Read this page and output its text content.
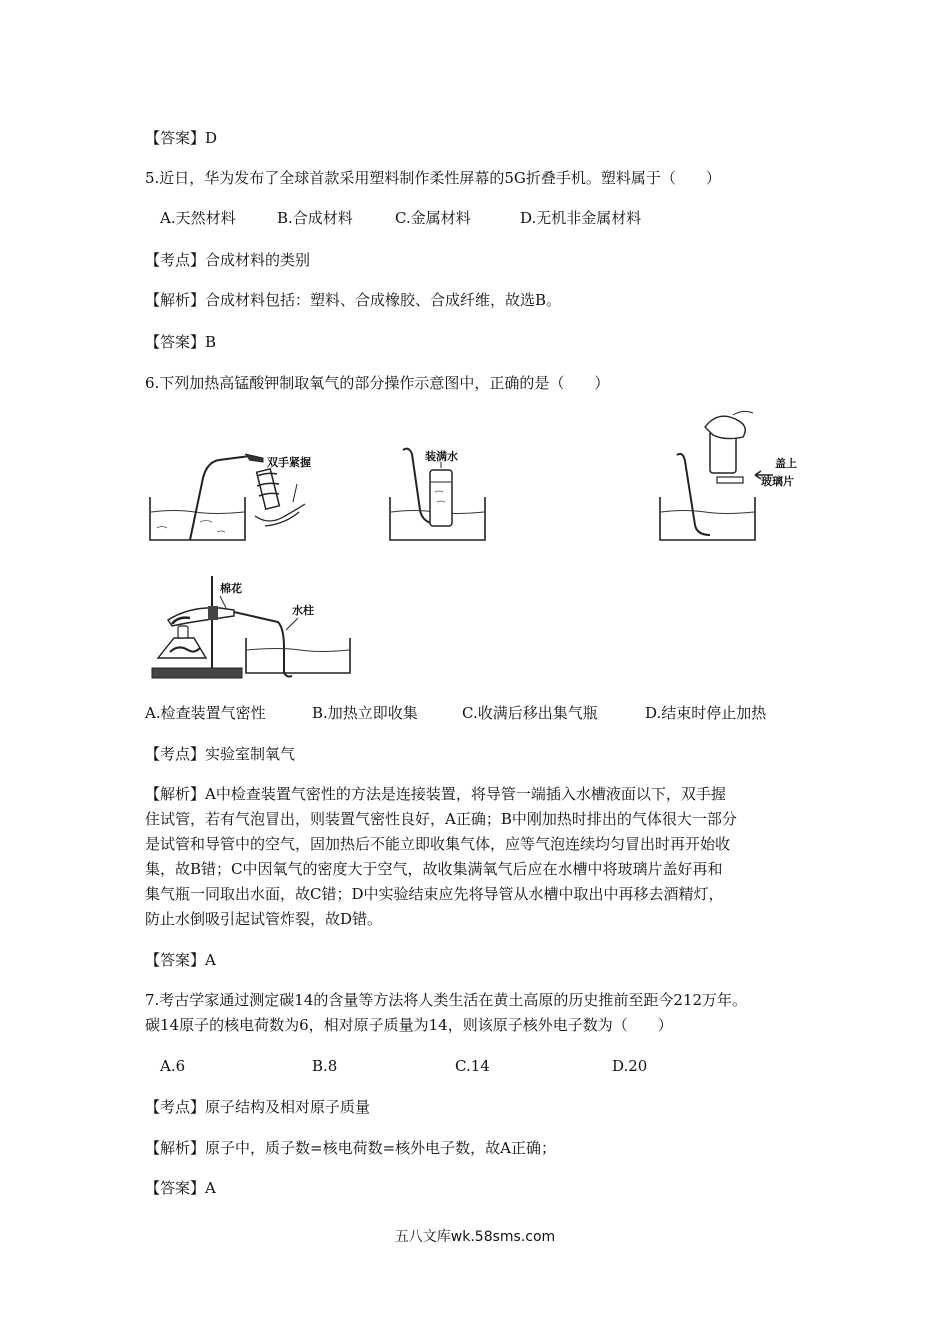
【答案】D
5.近日，华为发布了全球首款采用塑料制作柔性屏幕的5G折叠手机。塑料属于（　　）
A.天然材料	B.合成材料	C.金属材料	D.无机非金属材料
【考点】合成材料的类别
【解析】合成材料包括：塑料、合成橡胶、合成纤维，故选B。
【答案】B
6.下列加热高锰酸钾制取氧气的部分操作示意图中，正确的是（　　）
双手紧握	装满水
盖上
玻璃片
棉花
水柱
A.检查装置气密性	B.加热立即收集	C.收满后移出集气瓶	D.结束时停止加热
【考点】实验室制氧气
【解析】A中检查装置气密性的方法是连接装置，将导管一端插入水槽液面以下，双手握
住试管，若有气泡冒出，则装置气密性良好，A正确；B中刚加热时排出的气体很大一部分
是试管和导管中的空气，固加热后不能立即收集气体，应等气泡连续均匀冒出时再开始收
集，故B错；C中因氧气的密度大于空气，故收集满氧气后应在水槽中将玻璃片盖好再和
集气瓶一同取出水面，故C错；D中实验结束应先将导管从水槽中取出中再移去酒精灯，
防止水倒吸引起试管炸裂，故D错。
【答案】A
7.考古学家通过测定碳14的含量等方法将人类生活在黄土高原的历史推前至距今212万年。
碳14原子的核电荷数为6，相对原子质量为14，则该原子核外电子数为（　　）
A.6	B.8	C.14	D.20
【考点】原子结构及相对原子质量
【解析】原子中，质子数=核电荷数=核外电子数，故A正确；
【答案】A
五八文库wk.58sms.com
